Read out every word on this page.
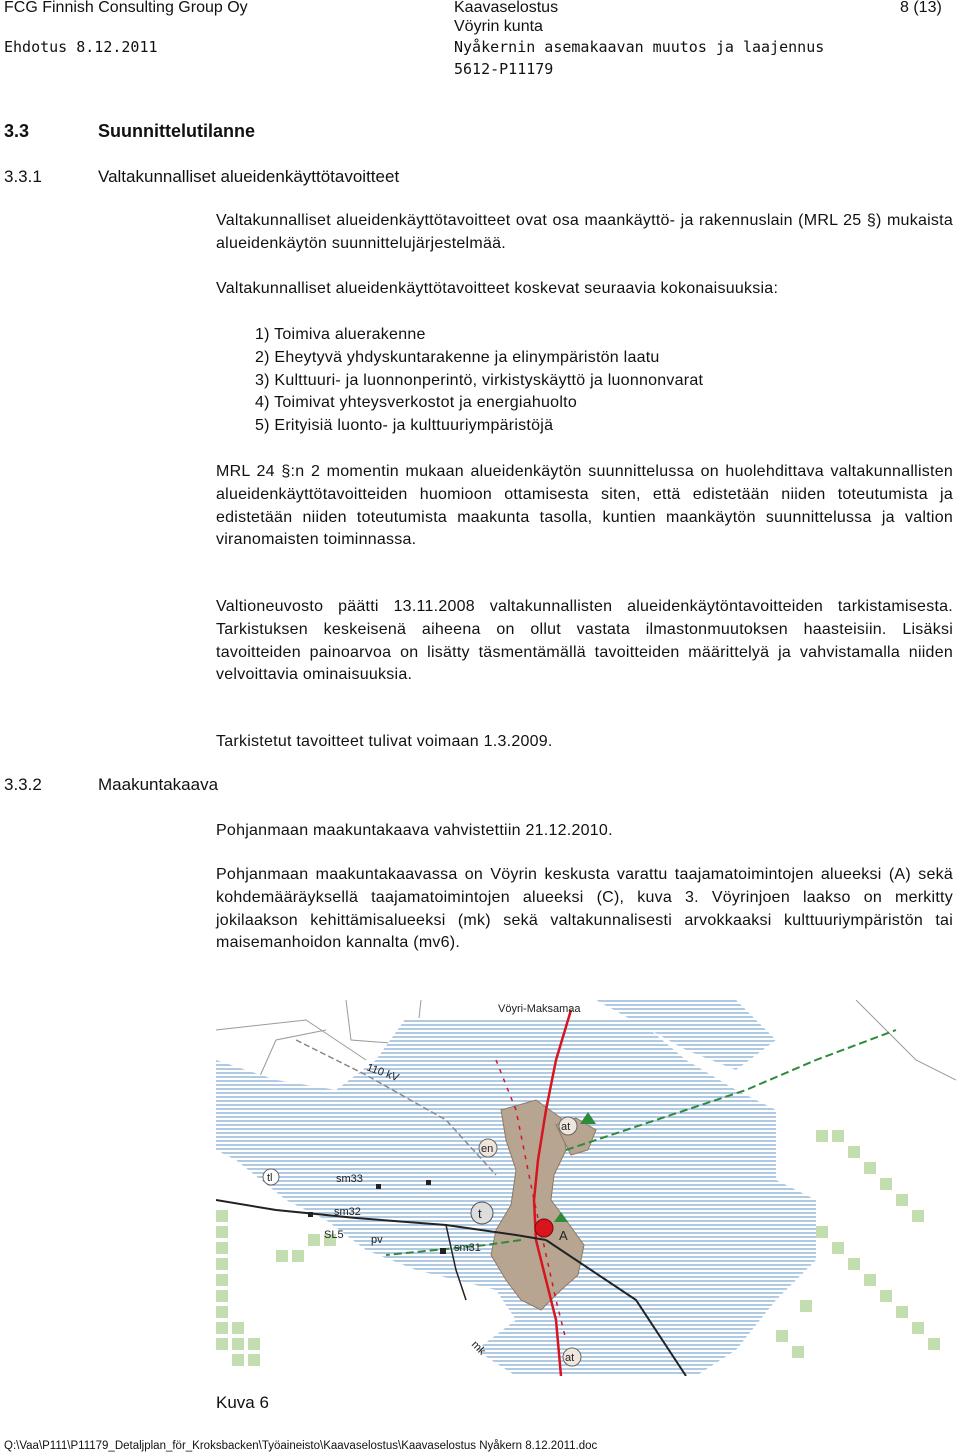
FCG Finnish Consulting Group Oy
Ehdotus 8.12.2011
Kaavaselostus
Vöyrin kunta
Nyåkernin asemakaavan muutos ja laajennus
5612-P11179
8 (13)
3.3	Suunnittelutilanne
3.3.1	Valtakunnalliset alueidenkäyttötavoitteet

Valtakunnalliset alueidenkäyttötavoitteet ovat osa maankäyttö- ja rakennuslain (MRL 25 §) mukaista alueidenkäytön suunnittelujärjestelmää.

Valtakunnalliset alueidenkäyttötavoitteet koskevat seuraavia kokonaisuuksia:

1) Toimiva aluerakenne
2) Eheytyvä yhdyskuntarakenne ja elinympäristön laatu
3) Kulttuuri- ja luonnonperintö, virkistyskäyttö ja luonnonvarat
4) Toimivat yhteysverkostot ja energiahuolto
5) Erityisiä luonto- ja kulttuuriympäristöjä

MRL 24 §:n 2 momentin mukaan alueidenkäytön suunnittelussa on huolehdittava valtakunnallisten alueidenkäyttötavoitteiden huomioon ottamisesta siten, että edistetään niiden toteutumista ja edistetään niiden toteutumista maakunta tasolla, kuntien maankäytön suunnittelussa ja valtion viranomaisten toiminnassa.

Valtioneuvosto päätti 13.11.2008 valtakunnallisten alueidenkäytöntavoitteiden tarkistamisesta. Tarkistuksen keskeisenä aiheena on ollut vastata ilmastonmuutoksen haasteisiin. Lisäksi tavoitteiden painoarvoa on lisätty täsmentämällä tavoitteiden määrittelyä ja vahvistamalla niiden velvoittavia ominaisuuksia.

Tarkistetut tavoitteet tulivat voimaan 1.3.2009.

3.3.2	Maakuntakaava

Pohjanmaan maakuntakaava vahvistettiin 21.12.2010.

Pohjanmaan maakuntakaavassa on Vöyrin keskusta varattu taajamatoimintojen alueeksi (A) sekä kohdemääräyksellä taajamatoimintojen alueeksi (C), kuva 3. Vöyrinjoen laakso on merkitty jokilaakson kehittämisalueeksi (mk) sekä valtakunnalisesti arvokkaaksi kulttuuriympäristön tai maisemanhoidon kannalta (mv6).

Vöyri-Maksamaa
110 kV
at
en
tl	sm33
sm32
SL5 pv
sm31
t
A
mk
at
Kuva 6
Q:\Vaa\P111\P11179_Detaljplan_för_Kroksbacken\Työaineisto\Kaavaselostus\Kaavaselostus Nyåkern 8.12.2011.doc
